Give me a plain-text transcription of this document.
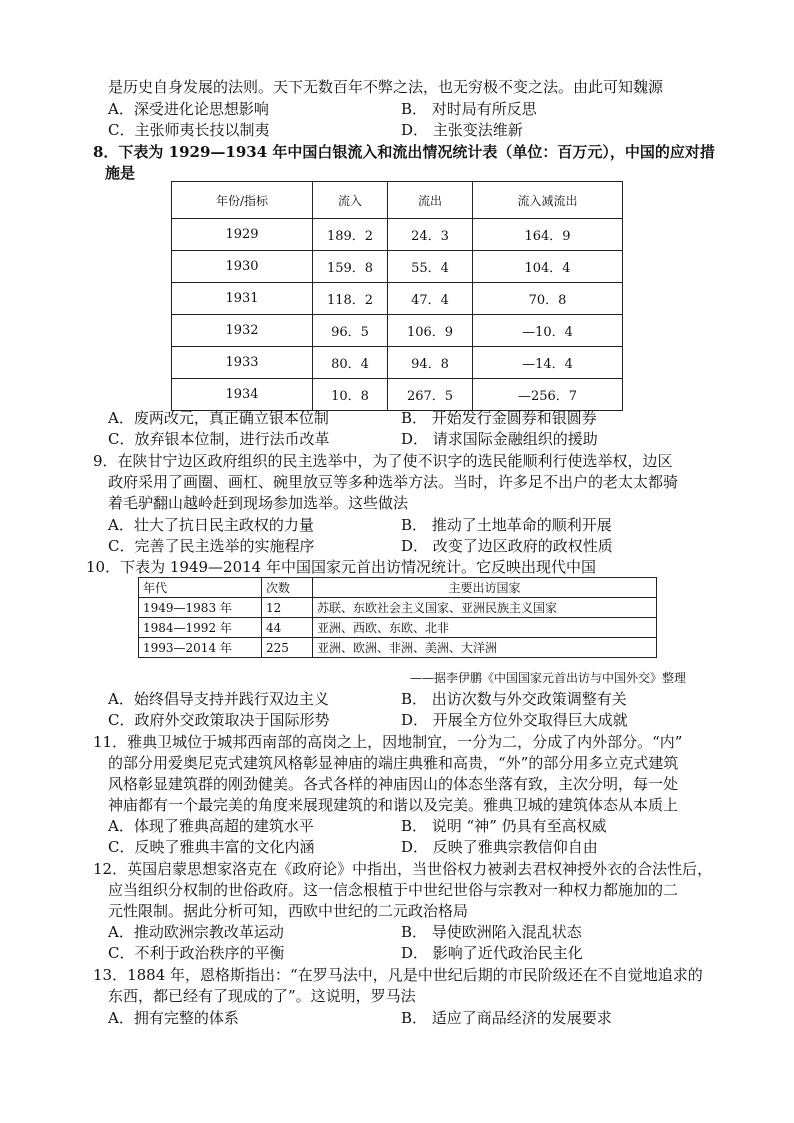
是历史自身发展的法则。天下无数百年不弊之法，也无穷极不变之法。由此可知魏源
A．深受进化论思想影响	B． 对时局有所反思
C．主张师夷长技以制夷	D． 主张变法维新
8．下表为 1929—1934 年中国白银流入和流出情况统计表（单位：百万元），中国的应对措
施是
年份/指标	流入	流出	流入减流出
1929	189．2	24．3	164．9
1930	159．8	55．4	104．4
1931	118．2	47．4	70．8
1932	96．5	106．9	—10．4
1933	80．4	94．8	—14．4
1934	10．8	267．5	—256．7
A．废两改元，真正确立银本位制	B． 开始发行金圆券和银圆券
C．放弃银本位制，进行法币改革	D． 请求国际金融组织的援助
9．在陕甘宁边区政府组织的民主选举中，为了使不识字的选民能顺利行使选举权，边区
政府采用了画圈、画杠、碗里放豆等多种选举方法。当时，许多足不出户的老太太都骑
着毛驴翻山越岭赶到现场参加选举。这些做法
A．壮大了抗日民主政权的力量	B． 推动了土地革命的顺利开展
C．完善了民主选举的实施程序	D． 改变了边区政府的政权性质
10．下表为 1949—2014 年中国国家元首出访情况统计。它反映出现代中国
年代	次数	主要出访国家
1949—1983 年	12	苏联、东欧社会主义国家、亚洲民族主义国家
1984—1992 年	44	亚洲、西欧、东欧、北非
1993—2014 年	225	亚洲、欧洲、非洲、美洲、大洋洲
——据李伊鹏《中国国家元首出访与中国外交》整理
A．始终倡导支持并践行双边主义	B． 出访次数与外交政策调整有关
C．政府外交政策取决于国际形势	D． 开展全方位外交取得巨大成就
11．雅典卫城位于城邦西南部的高岗之上，因地制宜，一分为二，分成了内外部分。“内”
的部分用爱奥尼克式建筑风格彰显神庙的端庄典雅和高贵，“外”的部分用多立克式建筑
风格彰显建筑群的刚劲健美。各式各样的神庙因山的体态坐落有致，主次分明，每一处
神庙都有一个最完美的角度来展现建筑的和谐以及完美。雅典卫城的建筑体态从本质上
A．体现了雅典高超的建筑水平	B． 说明 “神” 仍具有至高权威
C．反映了雅典丰富的文化内涵	D． 反映了雅典宗教信仰自由
12．英国启蒙思想家洛克在《政府论》中指出，当世俗权力被剥去君权神授外衣的合法性后，
应当组织分权制的世俗政府。这一信念根植于中世纪世俗与宗教对一种权力都施加的二
元性限制。据此分析可知，西欧中世纪的二元政治格局
A．推动欧洲宗教改革运动	B． 导使欧洲陷入混乱状态
C．不利于政治秩序的平衡	D． 影响了近代政治民主化
13．1884 年，恩格斯指出：“在罗马法中，凡是中世纪后期的市民阶级还在不自觉地追求的
东西，都已经有了现成的了”。这说明，罗马法
A．拥有完整的体系	B． 适应了商品经济的发展要求
